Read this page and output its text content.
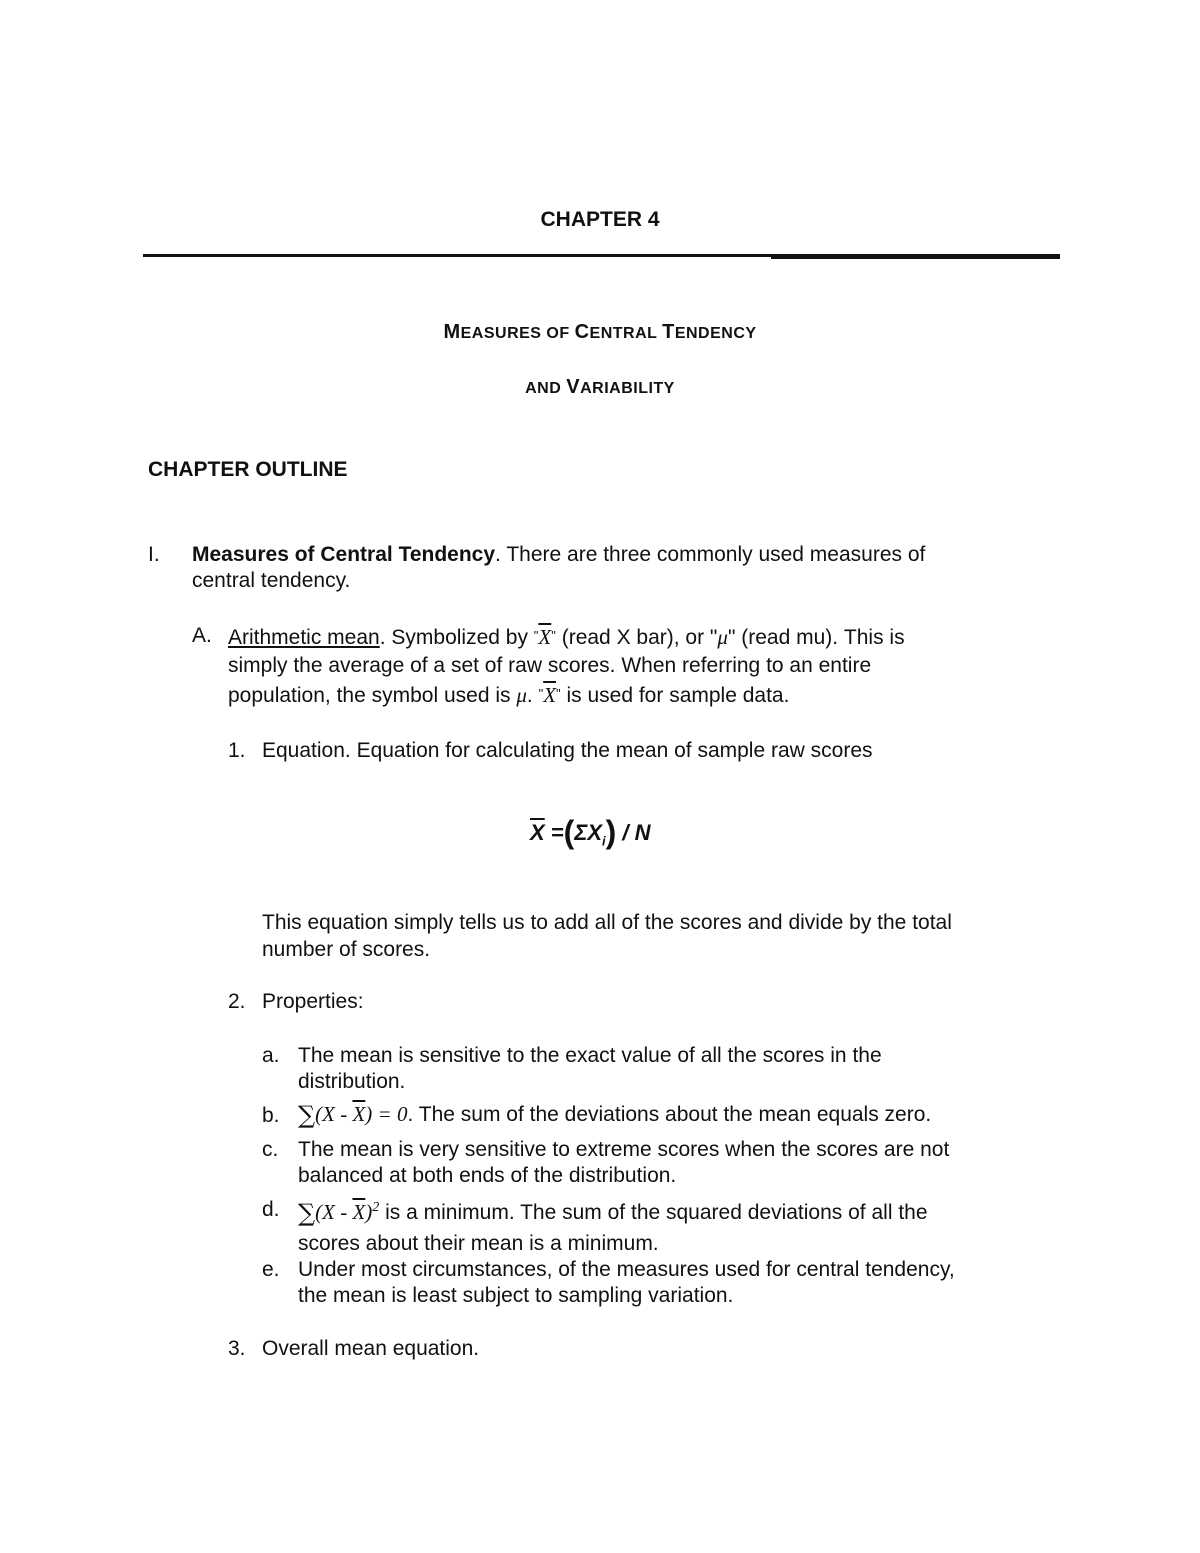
CHAPTER 4
MEASURES OF CENTRAL TENDENCY
AND VARIABILITY
CHAPTER OUTLINE
I. Measures of Central Tendency. There are three commonly used measures of
central tendency.
A. Arithmetic mean. Symbolized by "$\overline{X}$" (read X bar), or "μ" (read mu). This is
simply the average of a set of raw scores. When referring to an entire
population, the symbol used is μ. "$\overline{X}$" is used for sample data.
1. Equation. Equation for calculating the mean of sample raw scores
$\overline{X} =(\Sigma X_i) / N$
This equation simply tells us to add all of the scores and divide by the total
number of scores.
2. Properties:
a. The mean is sensitive to the exact value of all the scores in the
distribution.
b. $\sum(X - \overline{X}) = 0$. The sum of the deviations about the mean equals zero.
c. The mean is very sensitive to extreme scores when the scores are not
balanced at both ends of the distribution.
d. $\sum(X - \overline{X})^2$ is a minimum. The sum of the squared deviations of all the
scores about their mean is a minimum.
e. Under most circumstances, of the measures used for central tendency,
the mean is least subject to sampling variation.
3. Overall mean equation.
